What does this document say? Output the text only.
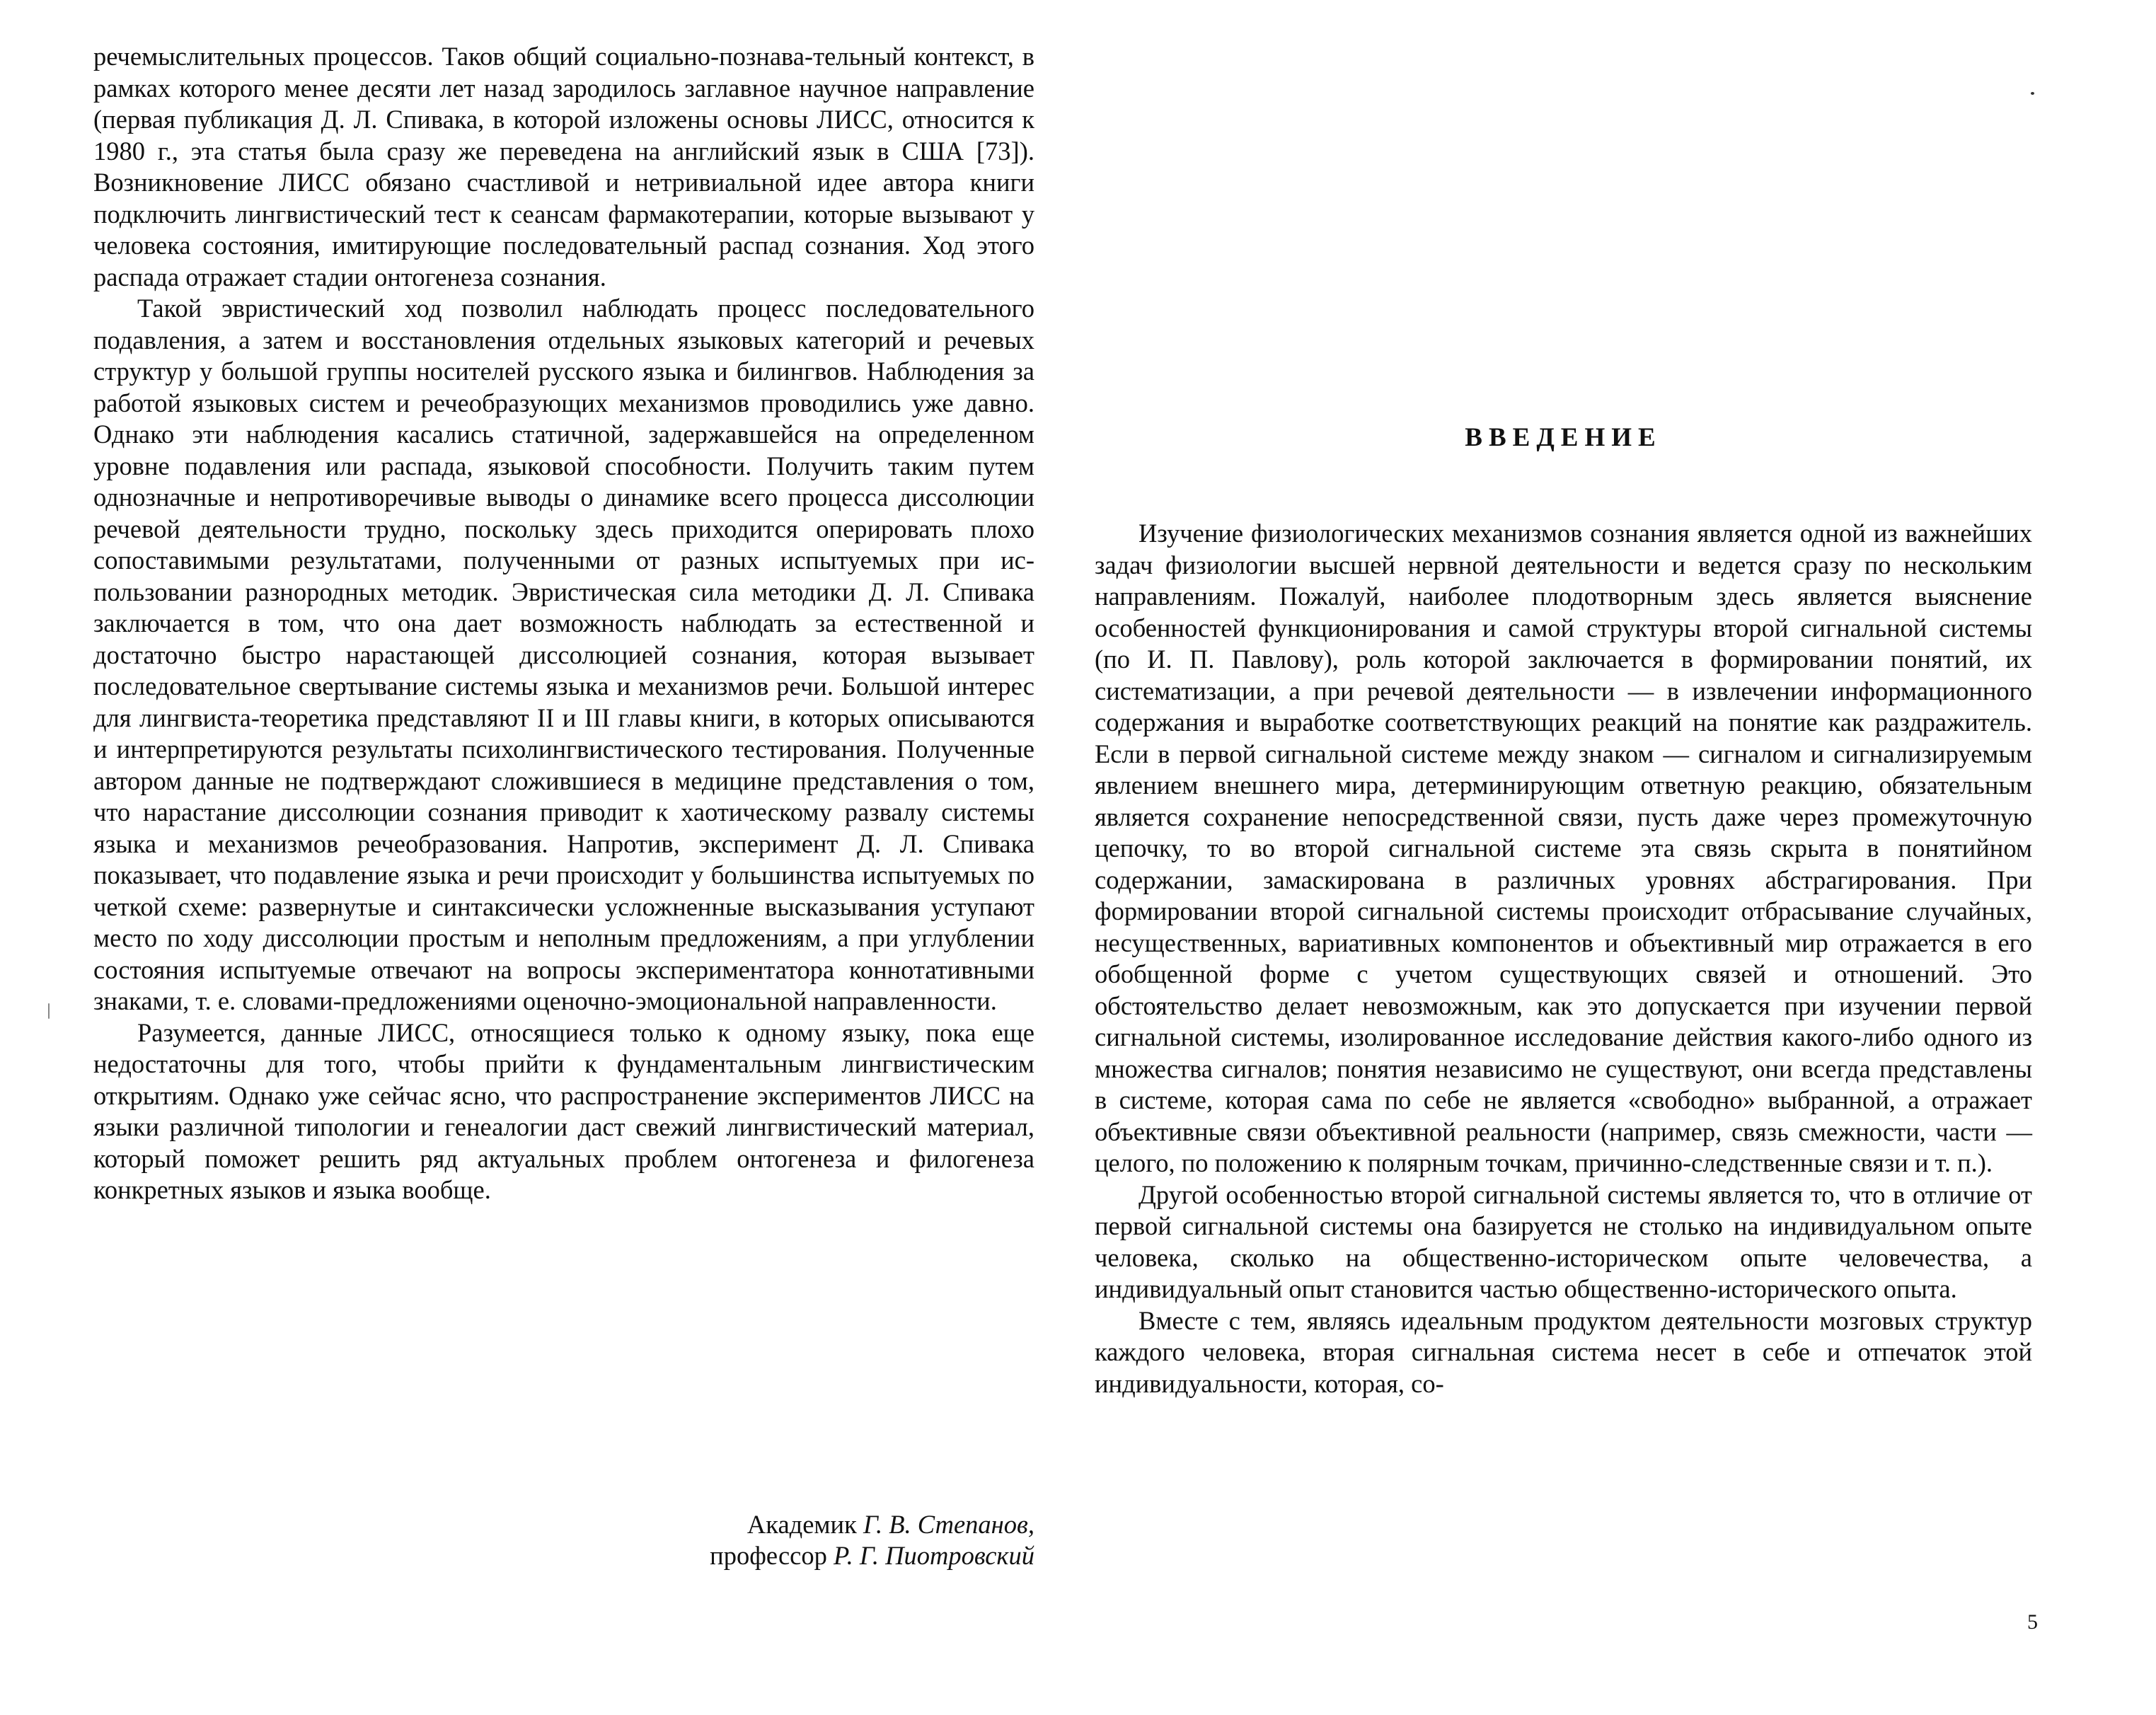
речемыслительных процессов. Таков общий социально-познава-тельный контекст, в рамках которого менее десяти лет назад зародилось заглавное научное направление (первая публикация Д. Л. Спивака, в которой изложены основы ЛИСС, относится к 1980 г., эта статья была сразу же переведена на английский язык в США [73]). Возникновение ЛИСС обязано счастливой и нетривиальной идее автора книги подключить лингвистический тест к сеансам фармакотерапии, которые вызывают у человека состояния, имитирующие последовательный распад сознания. Ход этого распада отражает стадии онтогенеза сознания.

Такой эвристический ход позволил наблюдать процесс последовательного подавления, а затем и восстановления отдельных языковых категорий и речевых структур у большой группы носителей русского языка и билингвов. Наблюдения за работой языковых систем и речеобразующих механизмов проводились уже давно. Однако эти наблюдения касались статичной, задержавшейся на определенном уровне подавления или распада, языковой способности. Получить таким путем однозначные и непротиворечивые выводы о динамике всего процесса диссолюции речевой деятельности трудно, поскольку здесь приходится оперировать плохо сопоставимыми результатами, полученными от разных испытуемых при использовании разнородных методик. Эвристическая сила методики Д. Л. Спивака заключается в том, что она дает возможность наблюдать за естественной и достаточно быстро нарастающей диссолюцией сознания, которая вызывает последовательное свертывание системы языка и механизмов речи. Большой интерес для лингвиста-теоретика представляют II и III главы книги, в которых описываются и интерпретируются результаты психолингвистического тестирования. Полученные автором данные не подтверждают сложившиеся в медицине представления о том, что нарастание диссолюции сознания приводит к хаотическому развалу системы языка и механизмов речеобразования. Напротив, эксперимент Д. Л. Спивака показывает, что подавление языка и речи происходит у большинства испытуемых по четкой схеме: развернутые и синтаксически усложненные высказывания уступают место по ходу диссолюции простым и неполным предложениям, а при углублении состояния испытуемые отвечают на вопросы экспериментатора коннотативными знаками, т. е. словами-предложениями оценочно-эмоциональной направленности.

Разумеется, данные ЛИСС, относящиеся только к одному языку, пока еще недостаточны для того, чтобы прийти к фундаментальным лингвистическим открытиям. Однако уже сейчас ясно, что распространение экспериментов ЛИСС на языки различной типологии и генеалогии даст свежий лингвистический материал, который поможет решить ряд актуальных проблем онтогенеза и филогенеза конкретных языков и языка вообще.

Академик Г. В. Степанов,
профессор Р. Г. Пиотровский
ВВЕДЕНИЕ

Изучение физиологических механизмов сознания является одной из важнейших задач физиологии высшей нервной деятельности и ведется сразу по нескольким направлениям. Пожалуй, наиболее плодотворным здесь является выяснение особенностей функционирования и самой структуры второй сигнальной системы (по И. П. Павлову), роль которой заключается в формировании понятий, их систематизации, а при речевой деятельности — в извлечении информационного содержания и выработке соответствующих реакций на понятие как раздражитель. Если в первой сигнальной системе между знаком — сигналом и сигнализируемым явлением внешнего мира, детерминирующим ответную реакцию, обязательным является сохранение непосредственной связи, пусть даже через промежуточную цепочку, то во второй сигнальной системе эта связь скрыта в понятийном содержании, замаскирована в различных уровнях абстрагирования. При формировании второй сигнальной системы происходит отбрасывание случайных, несущественных, вариативных компонентов и объективный мир отражается в его обобщенной форме с учетом существующих связей и отношений. Это обстоятельство делает невозможным, как это допускается при изучении первой сигнальной системы, изолированное исследование действия какого-либо одного из множества сигналов; понятия независимо не существуют, они всегда представлены в системе, которая сама по себе не является «свободно» выбранной, а отражает объективные связи объективной реальности (например, связь смежности, части — целого, по положению к полярным точкам, причинно-следственные связи и т. п.).

Другой особенностью второй сигнальной системы является то, что в отличие от первой сигнальной системы она базируется не столько на индивидуальном опыте человека, сколько на общественно-историческом опыте человечества, а индивидуальный опыт становится частью общественно-исторического опыта.

Вместе с тем, являясь идеальным продуктом деятельности мозговых структур каждого человека, вторая сигнальная система несет в себе и отпечаток этой индивидуальности, которая, со-

5
